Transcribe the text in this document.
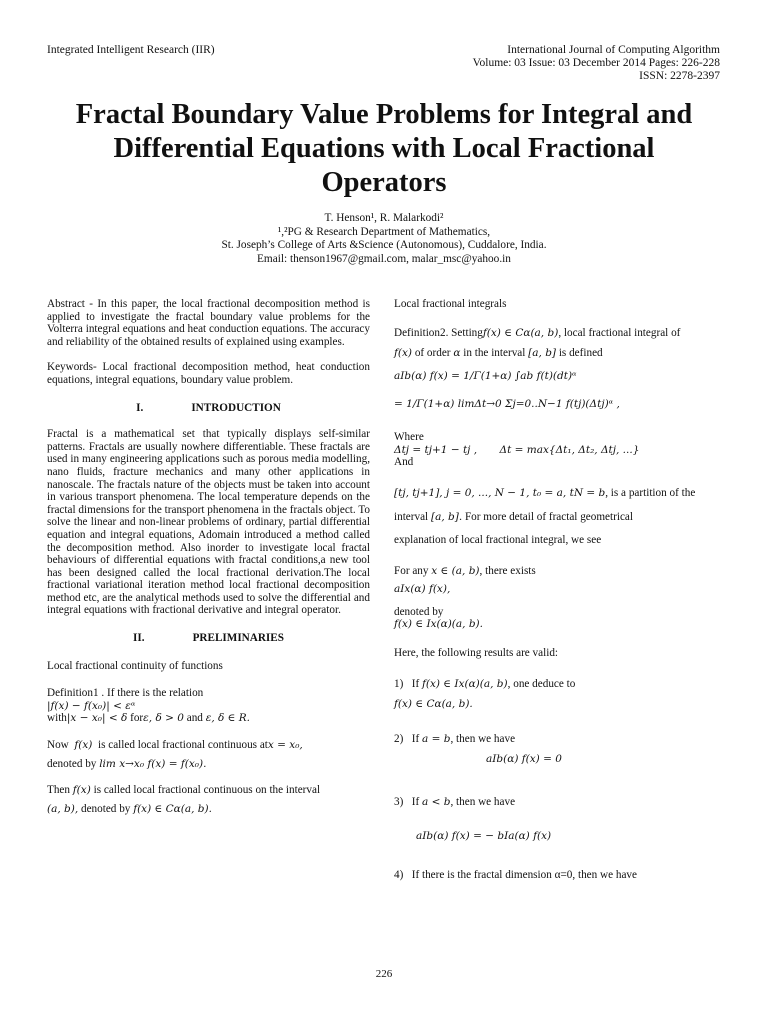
Integrated Intelligent Research (IIR)	International Journal of Computing Algorithm
Volume: 03 Issue: 03 December 2014 Pages: 226-228
ISSN: 2278-2397
Fractal Boundary Value Problems for Integral and
Differential Equations with Local Fractional
Operators
T. Henson¹, R. Malarkodi²
¹,²PG & Research Department of Mathematics,
St. Joseph’s College of Arts &Science (Autonomous), Cuddalore, India.
Email: thenson1967@gmail.com, malar_msc@yahoo.in

Abstract - In this paper, the local fractional decomposition method is applied to investigate the fractal boundary value problems for the Volterra integral equations and heat conduction equations. The accuracy and reliability of the obtained results of explained using examples.

Keywords- Local fractional decomposition method, heat conduction equations, integral equations, boundary value problem.

I.	INTRODUCTION

Fractal is a mathematical set that typically displays self-similar patterns. Fractals are usually nowhere differentiable. These fractals are used in many engineering applications such as porous media modelling, nano fluids, fracture mechanics and many other applications in nanoscale. The fractals nature of the objects must be taken into account in various transport phenomena. The local temperature depends on the fractal dimensions for the transport phenomena in the fractals object. To solve the linear and non-linear problems of ordinary, partial differential equation and integral equations, Adomain introduced a method called the decomposition method. Also inorder to investigate local fractal behaviours of differential equations with fractal conditions,a new tool has been designed called the local fractional derivation.The local fractional variational iteration method local fractional decomposition method etc, are the analytical methods used to solve the differential and integral equations with fractional derivative and integral operator.

II.	PRELIMINARIES

Local fractional continuity of functions

Definition1 . If there is the relation

|f(x) − f(x₀)| < εᵅ

with|x − x₀| < δ forε, δ > 0 and ε, δ ∈ R.

Now f(x) is called local fractional continuous atx = x₀,

denoted by lim x→x₀ f(x) = f(x₀).

Then f(x) is called local fractional continuous on the interval

(a, b), denoted by f(x) ∈ Cα(a, b).

Local fractional integrals

Definition2. Settingf(x) ∈ Cα(a, b), local fractional integral of

f(x) of order α in the interval [a, b] is defined

aIb(α) f(x) = 1/Γ(1+α) ∫ab f(t)(dt)ᵅ

= 1/Γ(1+α) limΔt→0 Σj=0..N−1 f(tj)(Δtj)ᵅ ,

Where

Δtj = tj+1 − tj , Δt = max{Δt₁, Δt₂, Δtj, ...}

And

[tj, tj+1], j = 0, ..., N − 1, t₀ = a, tN = b, is a partition of the

interval [a, b]. For more detail of fractal geometrical

explanation of local fractional integral, we see

For any x ∈ (a, b), there exists

aIx(α) f(x),

denoted by

f(x) ∈ Ix(α)(a, b).

Here, the following results are valid:

1) If f(x) ∈ Ix(α)(a, b), one deduce to

f(x) ∈ Cα(a, b).

2) If a = b, then we have

aIb(α) f(x) = 0

3) If a < b, then we have

aIb(α) f(x) = − bIa(α) f(x)

4) If there is the fractal dimension α=0, then we have

226
